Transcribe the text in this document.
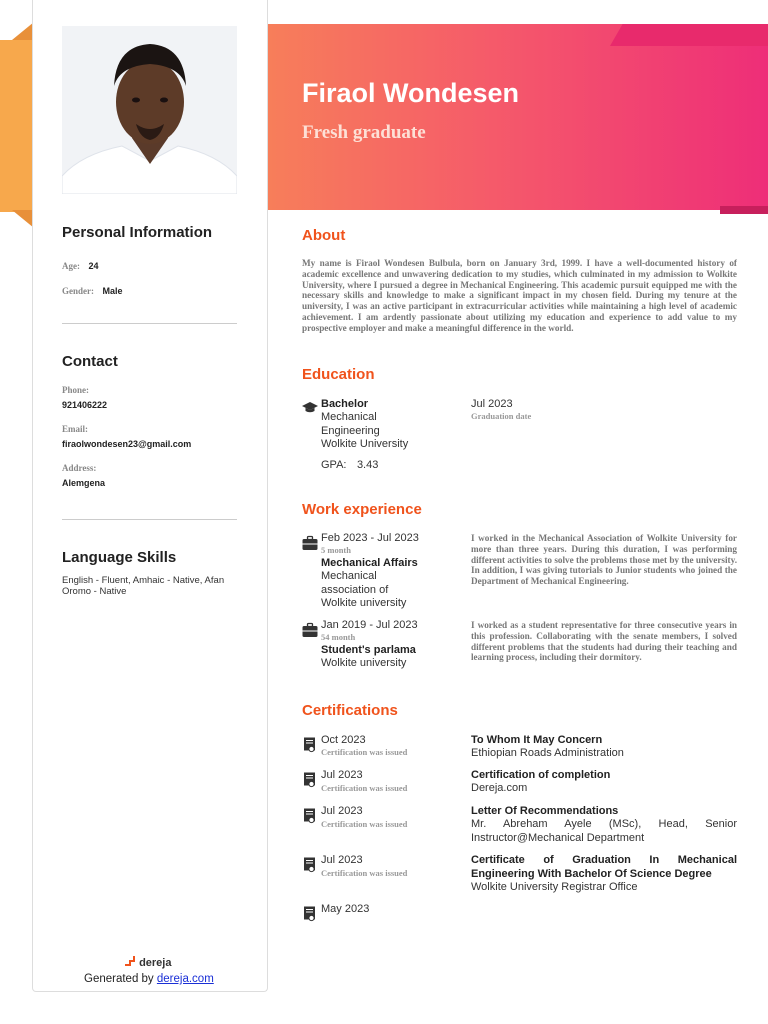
Firaol Wondesen
Fresh graduate
Personal Information
Age: 24
Gender: Male
Contact
Phone:
921406222
Email:
firaolwondesen23@gmail.com
Address:
Alemgena
Language Skills
English - Fluent, Amhaic - Native, Afan Oromo - Native
About
My name is Firaol Wondesen Bulbula, born on January 3rd, 1999. I have a well-documented history of academic excellence and unwavering dedication to my studies, which culminated in my admission to Wolkite University, where I pursued a degree in Mechanical Engineering. This academic pursuit equipped me with the necessary skills and knowledge to make a significant impact in my chosen field. During my tenure at the university, I was an active participant in extracurricular activities while maintaining a high level of academic achievement. I am ardently passionate about utilizing my education and experience to add value to my prospective employer and make a meaningful difference in the world.
Education
Bachelor
Mechanical Engineering
Wolkite University
GPA: 3.43
Jul 2023
Graduation date
Work experience
Feb 2023 - Jul 2023
5 month
Mechanical Affairs
Mechanical association of Wolkite university
I worked in the Mechanical Association of Wolkite University for more than three years. During this duration, I was performing different activities to solve the problems those met by the university. In addition, I was giving tutorials to Junior students who joined the Department of Mechanical Engineering.
Jan 2019 - Jul 2023
54 month
Student's parlama
Wolkite university
I worked as a student representative for three consecutive years in this profession. Collaborating with the senate members, I solved different problems that the students had during their teaching and learning process, including their dormitory.
Certifications
Oct 2023
Certification was issued
To Whom It May Concern
Ethiopian Roads Administration
Jul 2023
Certification was issued
Certification of completion
Dereja.com
Jul 2023
Certification was issued
Letter Of Recommendations
Mr. Abreham Ayele (MSc), Head, Senior Instructor@Mechanical Department
Jul 2023
Certification was issued
Certificate of Graduation In Mechanical Engineering With Bachelor Of Science Degree
Wolkite University Registrar Office
May 2023
dereja
Generated by dereja.com
